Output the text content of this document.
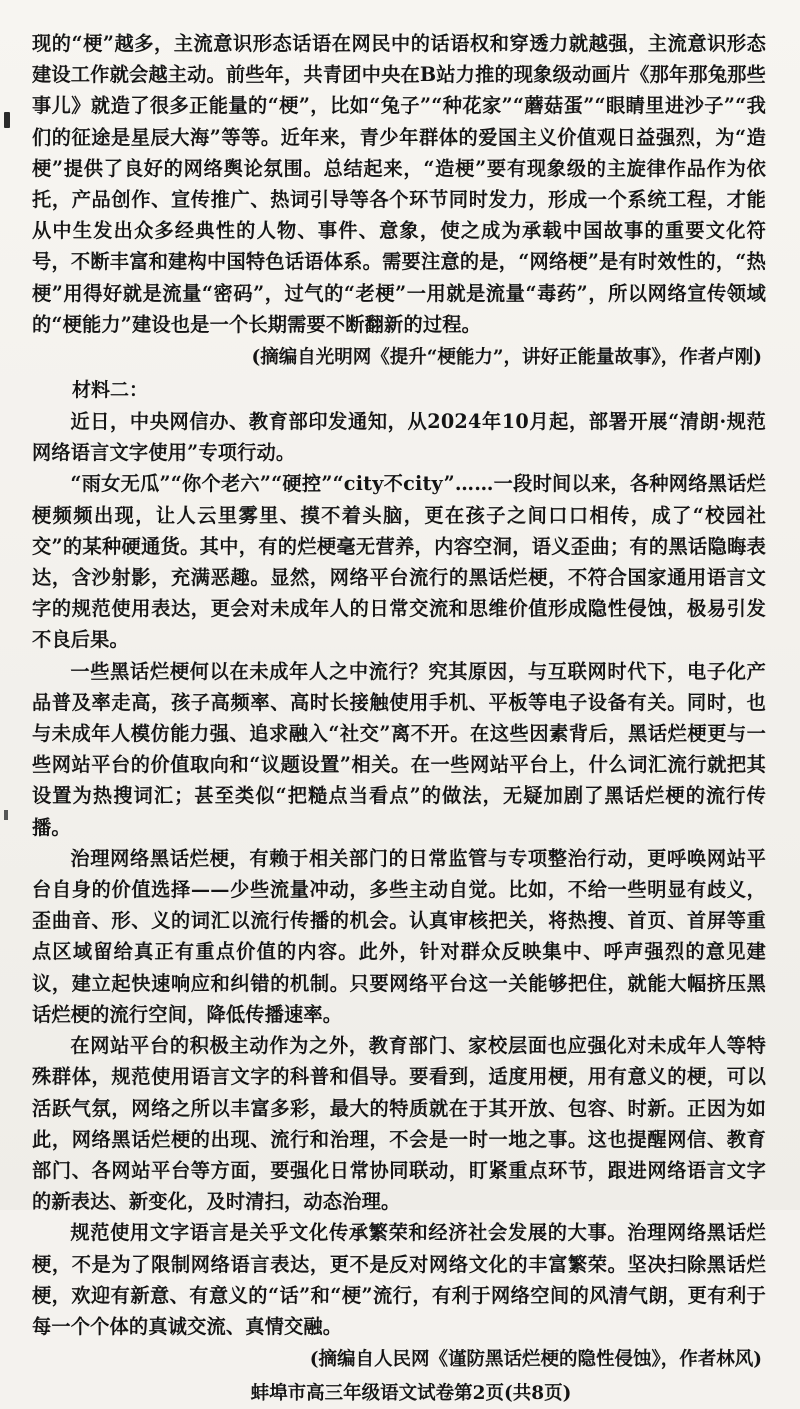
现的“梗”越多，主流意识形态话语在网民中的话语权和穿透力就越强，主流意识形态建设工作就会越主动。前些年，共青团中央在B站力推的现象级动画片《那年那兔那些事儿》就造了很多正能量的“梗”，比如“兔子”“种花家”“蘑菇蛋”“眼睛里进沙子”“我们的征途是星辰大海”等等。近年来，青少年群体的爱国主义价值观日益强烈，为“造梗”提供了良好的网络舆论氛围。总结起来，“造梗”要有现象级的主旋律作品作为依托，产品创作、宣传推广、热词引导等各个环节同时发力，形成一个系统工程，才能从中生发出众多经典性的人物、事件、意象，使之成为承载中国故事的重要文化符号，不断丰富和建构中国特色话语体系。需要注意的是，“网络梗”是有时效性的，“热梗”用得好就是流量“密码”，过气的“老梗”一用就是流量“毒药”，所以网络宣传领域的“梗能力”建设也是一个长期需要不断翻新的过程。

(摘编自光明网《提升“梗能力”，讲好正能量故事》，作者卢刚)

材料二：

近日，中央网信办、教育部印发通知，从2024年10月起，部署开展“清朗·规范网络语言文字使用”专项行动。

“雨女无瓜”“你个老六”“硬控”“city不city”……一段时间以来，各种网络黑话烂梗频频出现，让人云里雾里、摸不着头脑，更在孩子之间口口相传，成了“校园社交”的某种硬通货。其中，有的烂梗毫无营养，内容空洞，语义歪曲；有的黑话隐晦表达，含沙射影，充满恶趣。显然，网络平台流行的黑话烂梗，不符合国家通用语言文字的规范使用表达，更会对未成年人的日常交流和思维价值形成隐性侵蚀，极易引发不良后果。

一些黑话烂梗何以在未成年人之中流行？究其原因，与互联网时代下，电子化产品普及率走高，孩子高频率、高时长接触使用手机、平板等电子设备有关。同时，也与未成年人模仿能力强、追求融入“社交”离不开。在这些因素背后，黑话烂梗更与一些网站平台的价值取向和“议题设置”相关。在一些网站平台上，什么词汇流行就把其设置为热搜词汇；甚至类似“把糙点当看点”的做法，无疑加剧了黑话烂梗的流行传播。

治理网络黑话烂梗，有赖于相关部门的日常监管与专项整治行动，更呼唤网站平台自身的价值选择——少些流量冲动，多些主动自觉。比如，不给一些明显有歧义，歪曲音、形、义的词汇以流行传播的机会。认真审核把关，将热搜、首页、首屏等重点区域留给真正有重点价值的内容。此外，针对群众反映集中、呼声强烈的意见建议，建立起快速响应和纠错的机制。只要网络平台这一关能够把住，就能大幅挤压黑话烂梗的流行空间，降低传播速率。

在网站平台的积极主动作为之外，教育部门、家校层面也应强化对未成年人等特殊群体，规范使用语言文字的科普和倡导。要看到，适度用梗，用有意义的梗，可以活跃气氛，网络之所以丰富多彩，最大的特质就在于其开放、包容、时新。正因为如此，网络黑话烂梗的出现、流行和治理，不会是一时一地之事。这也提醒网信、教育部门、各网站平台等方面，要强化日常协同联动，盯紧重点环节，跟进网络语言文字的新表达、新变化，及时清扫，动态治理。

规范使用文字语言是关乎文化传承繁荣和经济社会发展的大事。治理网络黑话烂梗，不是为了限制网络语言表达，更不是反对网络文化的丰富繁荣。坚决扫除黑话烂梗，欢迎有新意、有意义的“话”和“梗”流行，有利于网络空间的风清气朗，更有利于每一个个体的真诚交流、真情交融。

(摘编自人民网《谨防黑话烂梗的隐性侵蚀》，作者林风)

蚌埠市高三年级语文试卷第2页(共8页)
